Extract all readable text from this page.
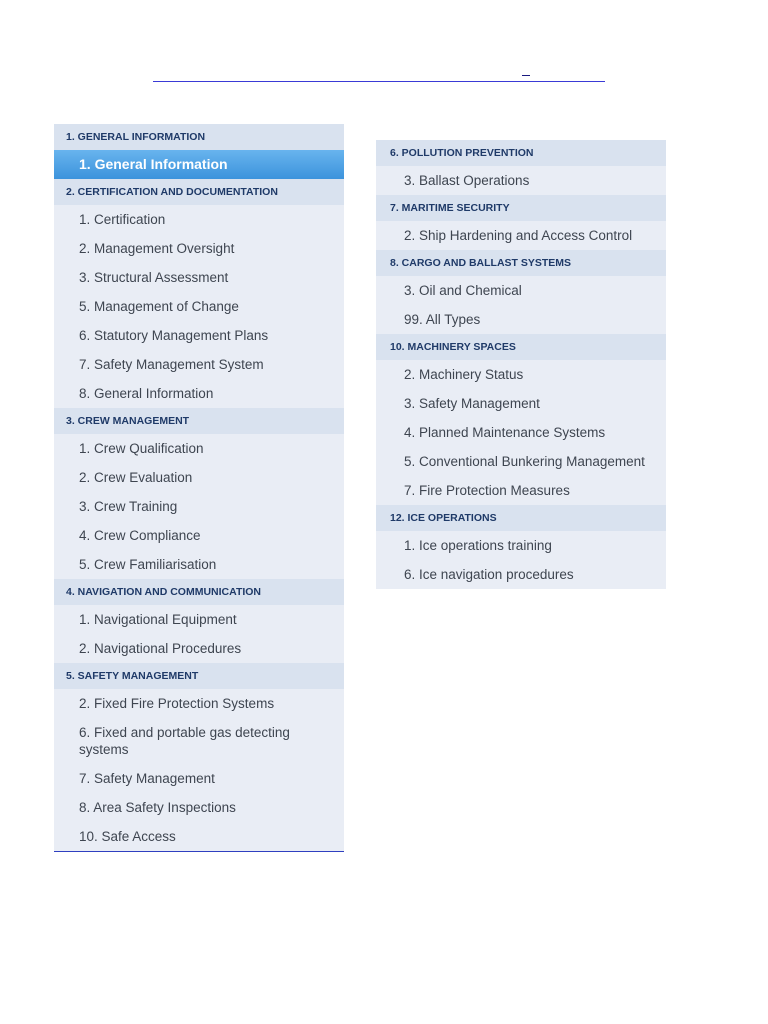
1. GENERAL INFORMATION
1. General Information
2. CERTIFICATION AND DOCUMENTATION
1. Certification
2. Management Oversight
3. Structural Assessment
5. Management of Change
6. Statutory Management Plans
7. Safety Management System
8. General Information
3. CREW MANAGEMENT
1. Crew Qualification
2. Crew Evaluation
3. Crew Training
4. Crew Compliance
5. Crew Familiarisation
4. NAVIGATION AND COMMUNICATION
1. Navigational Equipment
2. Navigational Procedures
5. SAFETY MANAGEMENT
2. Fixed Fire Protection Systems
6. Fixed and portable gas detecting systems
7. Safety Management
8. Area Safety Inspections
10. Safe Access
6. POLLUTION PREVENTION
3. Ballast Operations
7. MARITIME SECURITY
2. Ship Hardening and Access Control
8. CARGO AND BALLAST SYSTEMS
3. Oil and Chemical
99. All Types
10. MACHINERY SPACES
2. Machinery Status
3. Safety Management
4. Planned Maintenance Systems
5. Conventional Bunkering Management
7. Fire Protection Measures
12. ICE OPERATIONS
1. Ice operations training
6. Ice navigation procedures
